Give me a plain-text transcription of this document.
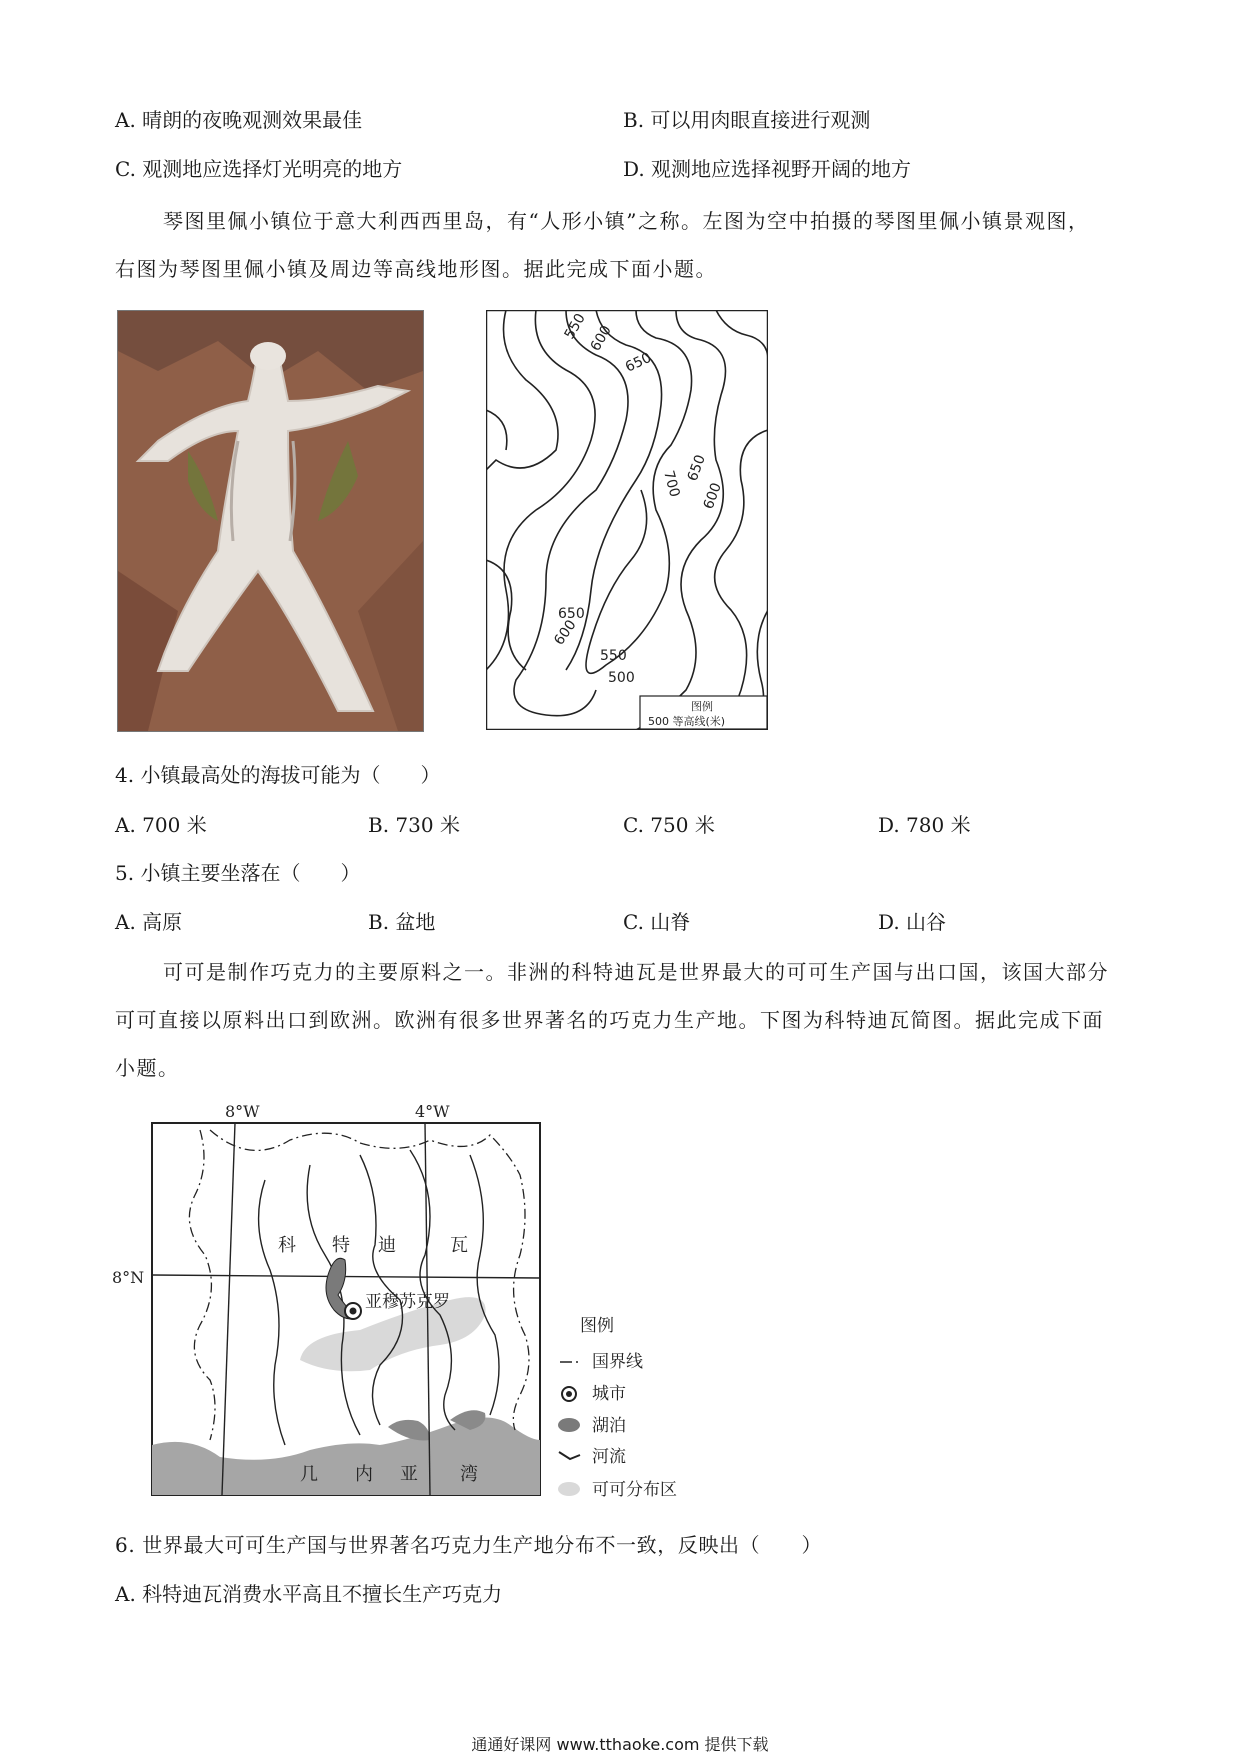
A. 晴朗的夜晚观测效果最佳	B. 可以用肉眼直接进行观测
C. 观测地应选择灯光明亮的地方	D. 观测地应选择视野开阔的地方
琴图里佩小镇位于意大利西西里岛，有“人形小镇”之称。左图为空中拍摄的琴图里佩小镇景观图，
右图为琴图里佩小镇及周边等高线地形图。据此完成下面小题。
550
600
650
650
600
700
650
600
550
500
图例
500 等高线(米)
4. 小镇最高处的海拔可能为（　　）
A. 700 米	B. 730 米	C. 750 米	D. 780 米
5. 小镇主要坐落在（　　）
A. 高原	B. 盆地	C. 山脊	D. 山谷
可可是制作巧克力的主要原料之一。非洲的科特迪瓦是世界最大的可可生产国与出口国，该国大部分
可可直接以原料出口到欧洲。欧洲有很多世界著名的巧克力生产地。下图为科特迪瓦简图。据此完成下面
小题。
8°W	4°W
8°N
亚穆苏克罗
科 特 迪	瓦
几 内 亚 湾
图例
国界线
城市
湖泊
河流
可可分布区
6. 世界最大可可生产国与世界著名巧克力生产地分布不一致，反映出（　　）
A. 科特迪瓦消费水平高且不擅长生产巧克力
通通好课网 www.tthaoke.com 提供下载
